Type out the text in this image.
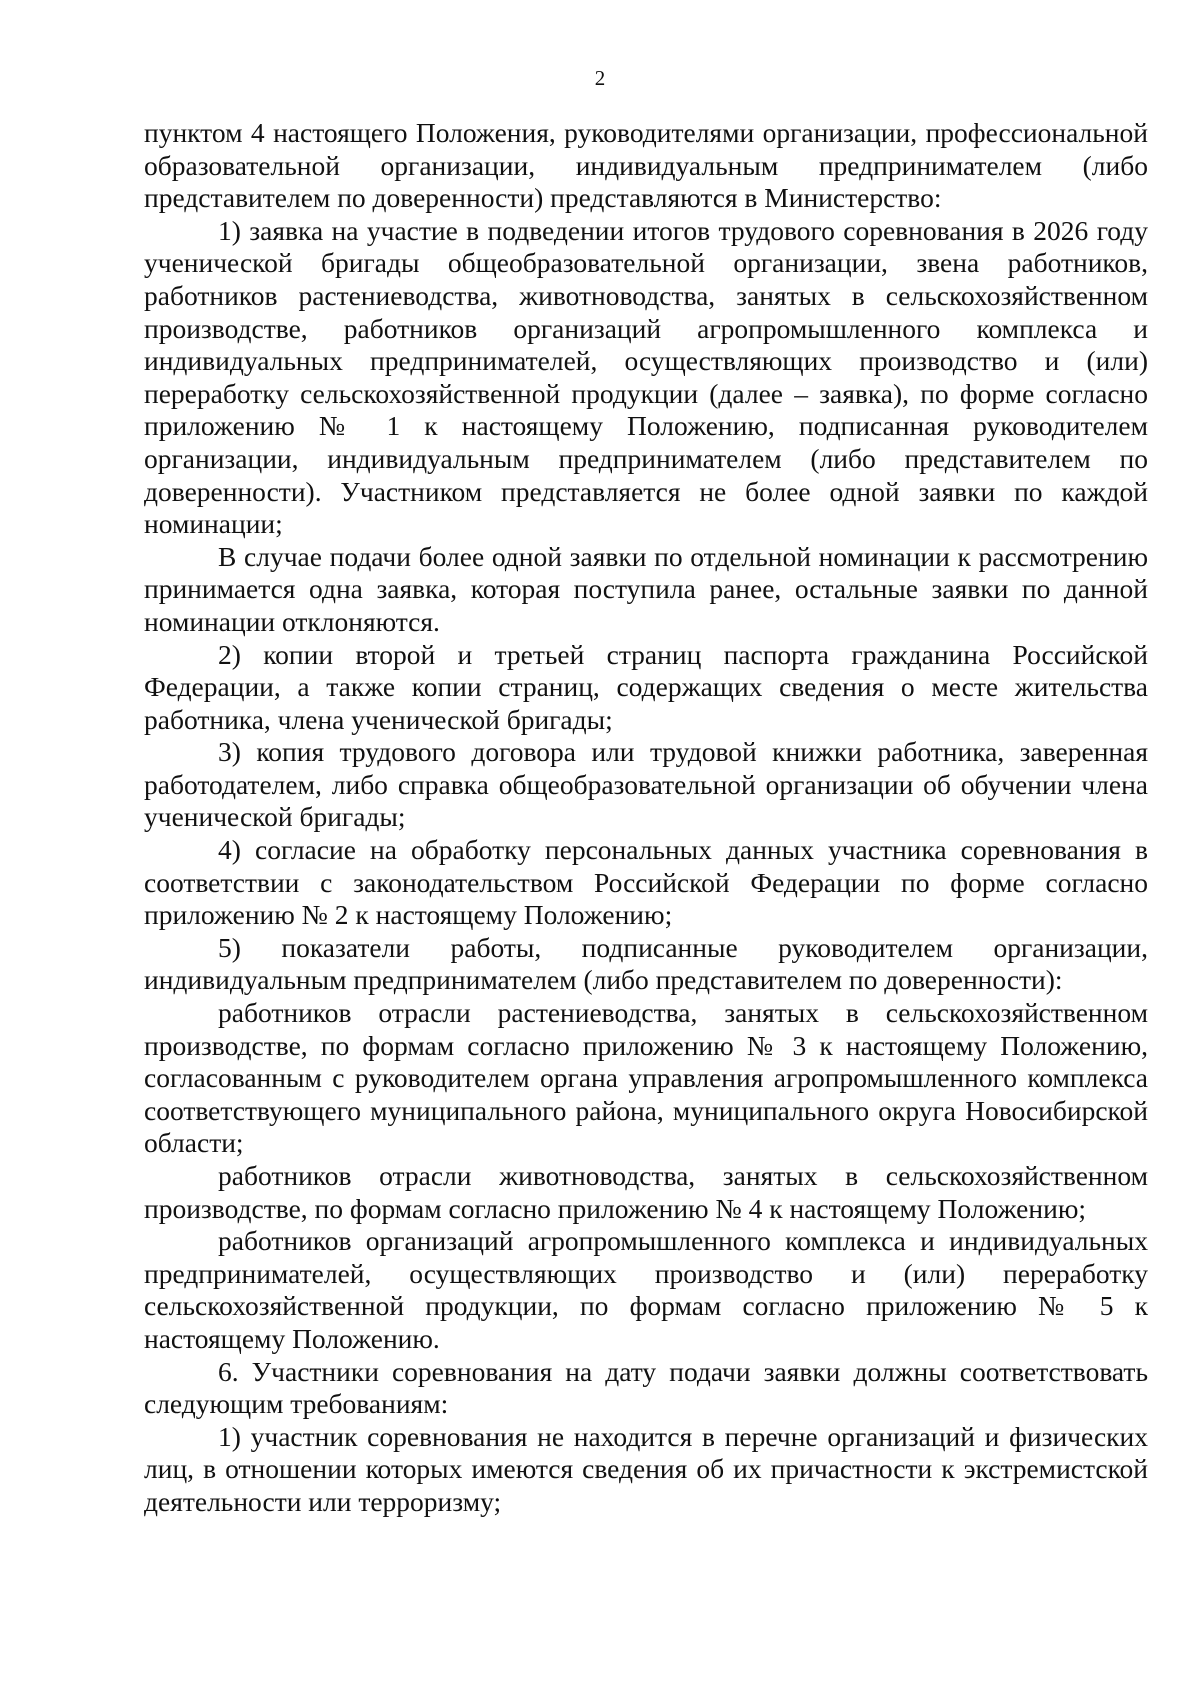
2

пунктом 4 настоящего Положения, руководителями организации, профессиональной образовательной организации, индивидуальным предпринимателем (либо представителем по доверенности) представляются в Министерство:

1) заявка на участие в подведении итогов трудового соревнования в 2026 году ученической бригады общеобразовательной организации, звена работников, работников растениеводства, животноводства, занятых в сельскохозяйственном производстве, работников организаций агропромышленного комплекса и индивидуальных предпринимателей, осуществляющих производство и (или) переработку сельскохозяйственной продукции (далее – заявка), по форме согласно приложению № 1 к настоящему Положению, подписанная руководителем организации, индивидуальным предпринимателем (либо представителем по доверенности). Участником представляется не более одной заявки по каждой номинации;

В случае подачи более одной заявки по отдельной номинации к рассмотрению принимается одна заявка, которая поступила ранее, остальные заявки по данной номинации отклоняются.

2) копии второй и третьей страниц паспорта гражданина Российской Федерации, а также копии страниц, содержащих сведения о месте жительства работника, члена ученической бригады;

3) копия трудового договора или трудовой книжки работника, заверенная работодателем, либо справка общеобразовательной организации об обучении члена ученической бригады;

4) согласие на обработку персональных данных участника соревнования в соответствии с законодательством Российской Федерации по форме согласно приложению № 2 к настоящему Положению;

5) показатели работы, подписанные руководителем организации, индивидуальным предпринимателем (либо представителем по доверенности):

работников отрасли растениеводства, занятых в сельскохозяйственном производстве, по формам согласно приложению № 3 к настоящему Положению, согласованным с руководителем органа управления агропромышленного комплекса соответствующего муниципального района, муниципального округа Новосибирской области;

работников отрасли животноводства, занятых в сельскохозяйственном производстве, по формам согласно приложению № 4 к настоящему Положению;

работников организаций агропромышленного комплекса и индивидуальных предпринимателей, осуществляющих производство и (или) переработку сельскохозяйственной продукции, по формам согласно приложению № 5 к настоящему Положению.

6. Участники соревнования на дату подачи заявки должны соответствовать следующим требованиям:

1) участник соревнования не находится в перечне организаций и физических лиц, в отношении которых имеются сведения об их причастности к экстремистской деятельности или терроризму;
